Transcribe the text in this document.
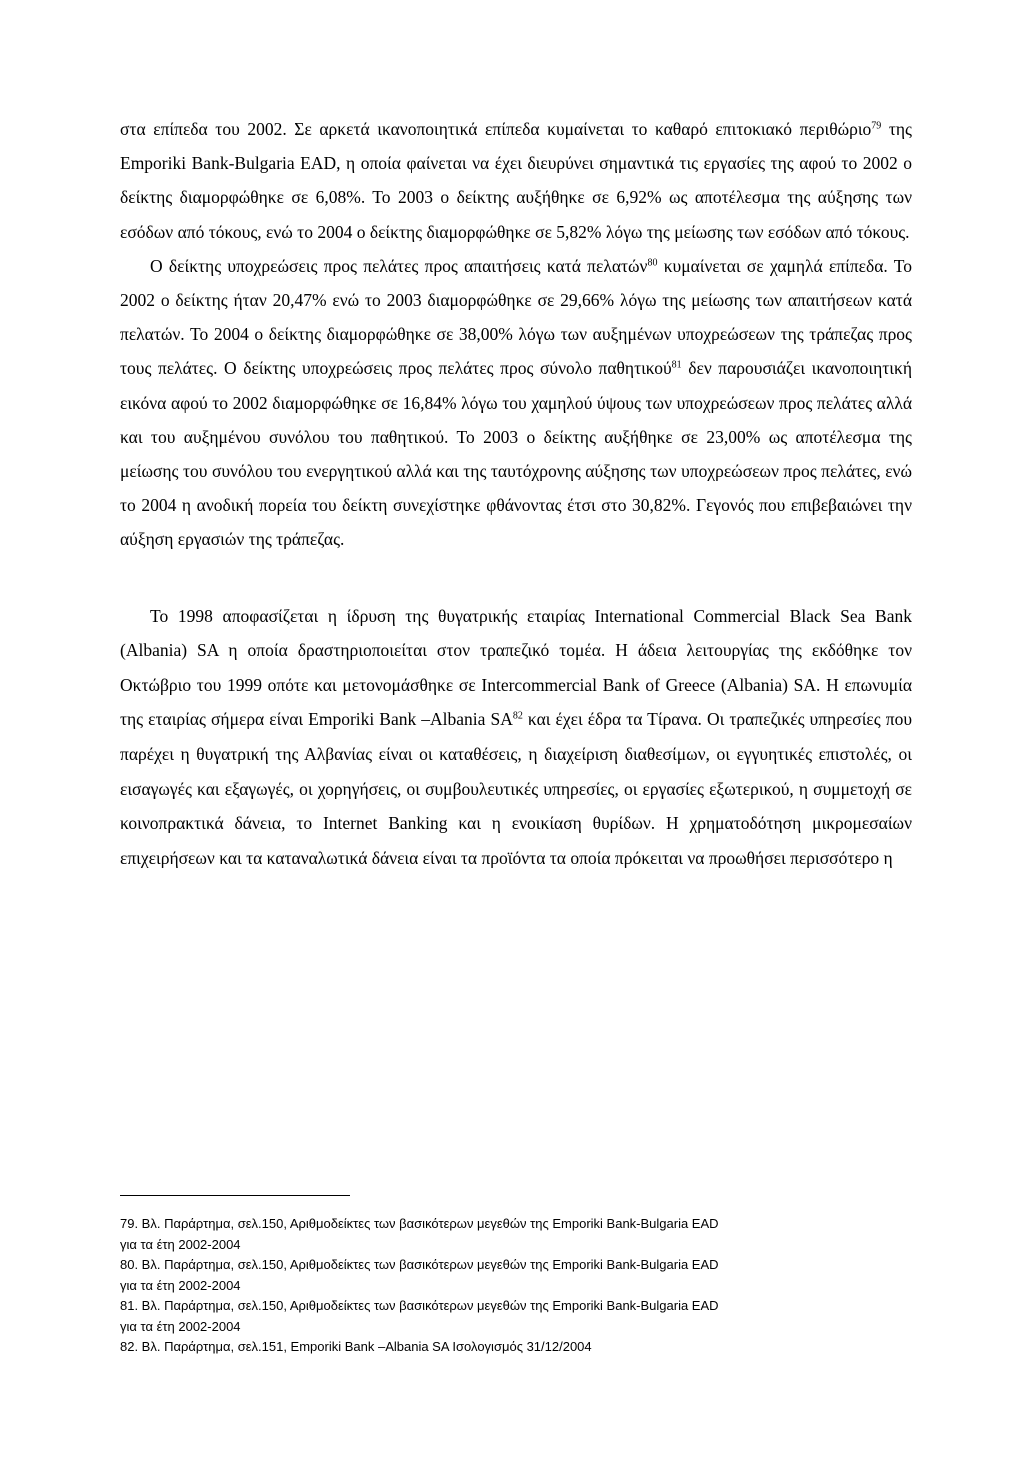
στα επίπεδα του 2002. Σε αρκετά ικανοποιητικά επίπεδα κυμαίνεται το καθαρό επιτοκιακό περιθώριο$^{79}$ της Emporiki Bank-Bulgaria EAD, η οποία φαίνεται να έχει διευρύνει σημαντικά τις εργασίες της αφού το 2002 ο δείκτης διαμορφώθηκε σε 6,08%. Το 2003 ο δείκτης αυξήθηκε σε 6,92% ως αποτέλεσμα της αύξησης των εσόδων από τόκους, ενώ το 2004 ο δείκτης διαμορφώθηκε σε 5,82% λόγω της μείωσης των εσόδων από τόκους.

Ο δείκτης υποχρεώσεις προς πελάτες προς απαιτήσεις κατά πελατών$^{80}$ κυμαίνεται σε χαμηλά επίπεδα. Το 2002 ο δείκτης ήταν 20,47% ενώ το 2003 διαμορφώθηκε σε 29,66% λόγω της μείωσης των απαιτήσεων κατά πελατών. Το 2004 ο δείκτης διαμορφώθηκε σε 38,00% λόγω των αυξημένων υποχρεώσεων της τράπεζας προς τους πελάτες. Ο δείκτης υποχρεώσεις προς πελάτες προς σύνολο παθητικού$^{81}$ δεν παρουσιάζει ικανοποιητική εικόνα αφού το 2002 διαμορφώθηκε σε 16,84% λόγω του χαμηλού ύψους των υποχρεώσεων προς πελάτες αλλά και του αυξημένου συνόλου του παθητικού. Το 2003 ο δείκτης αυξήθηκε σε 23,00% ως αποτέλεσμα της μείωσης του συνόλου του ενεργητικού αλλά και της ταυτόχρονης αύξησης των υποχρεώσεων προς πελάτες, ενώ το 2004 η ανοδική πορεία του δείκτη συνεχίστηκε φθάνοντας έτσι στο 30,82%. Γεγονός που επιβεβαιώνει την αύξηση εργασιών της τράπεζας.

Το 1998 αποφασίζεται η ίδρυση της θυγατρικής εταιρίας International Commercial Black Sea Bank (Albania) SA η οποία δραστηριοποιείται στον τραπεζικό τομέα. Η άδεια λειτουργίας της εκδόθηκε τον Οκτώβριο του 1999 οπότε και μετονομάσθηκε σε Intercommercial Bank of Greece (Albania) SA. Η επωνυμία της εταιρίας σήμερα είναι Emporiki Bank –Albania SA$^{82}$ και έχει έδρα τα Τίρανα. Οι τραπεζικές υπηρεσίες που παρέχει η θυγατρική της Αλβανίας είναι οι καταθέσεις, η διαχείριση διαθεσίμων, οι εγγυητικές επιστολές, οι εισαγωγές και εξαγωγές, οι χορηγήσεις, οι συμβουλευτικές υπηρεσίες, οι εργασίες εξωτερικού, η συμμετοχή σε κοινοπρακτικά δάνεια, το Internet Banking και η ενοικίαση θυρίδων. Η χρηματοδότηση μικρομεσαίων επιχειρήσεων και τα καταναλωτικά δάνεια είναι τα προϊόντα τα οποία πρόκειται να προωθήσει περισσότερο η

79. Βλ. Παράρτημα, σελ.150, Αριθμοδείκτες των βασικότερων μεγεθών της Emporiki Bank-Bulgaria EAD

για τα έτη 2002-2004

80. Βλ. Παράρτημα, σελ.150, Αριθμοδείκτες των βασικότερων μεγεθών της Emporiki Bank-Bulgaria EAD

για τα έτη 2002-2004

81. Βλ. Παράρτημα, σελ.150, Αριθμοδείκτες των βασικότερων μεγεθών της Emporiki Bank-Bulgaria EAD

για τα έτη 2002-2004

82. Βλ. Παράρτημα, σελ.151, Emporiki Bank –Albania SA Ισολογισμός 31/12/2004
